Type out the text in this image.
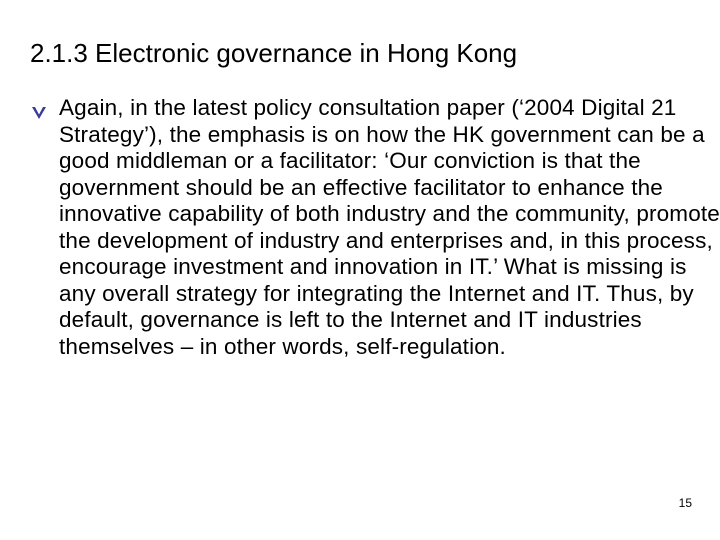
2.1.3 Electronic governance in Hong Kong

Again, in the latest policy consultation paper (‘2004 Digital 21 Strategy’), the emphasis is on how the HK government can be a good middleman or a facilitator: ‘Our conviction is that the government should be an effective facilitator to enhance the innovative capability of both industry and the community, promote the development of industry and enterprises and, in this process, encourage investment and innovation in IT.’ What is missing is any overall strategy for integrating the Internet and IT. Thus, by default, governance is left to the Internet and IT industries themselves – in other words, self-regulation.

15
